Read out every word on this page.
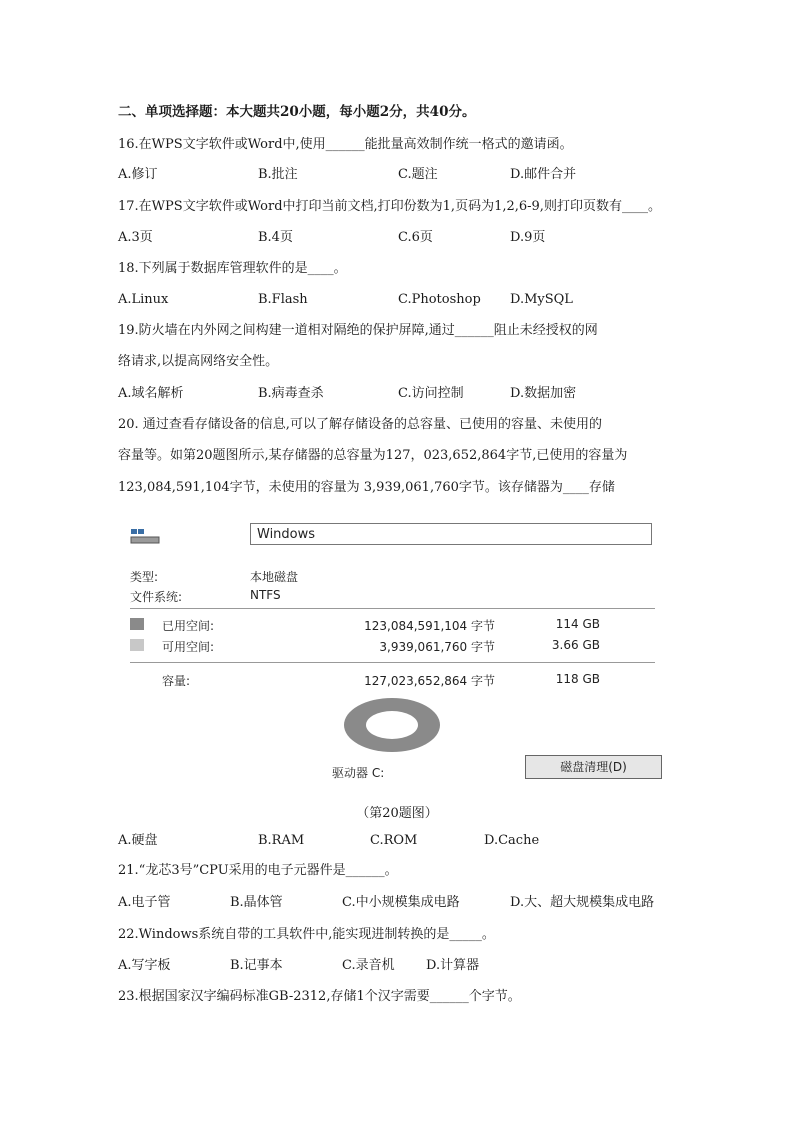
二、单项选择题：本大题共20小题，每小题2分，共40分。
16.在WPS文字软件或Word中,使用______能批量高效制作统一格式的邀请函。
A.修订	B.批注	C.题注	D.邮件合并
17.在WPS文字软件或Word中打印当前文档,打印份数为1,页码为1,2,6-9,则打印页数有____。
A.3页	B.4页	C.6页	D.9页
18.下列属于数据库管理软件的是____。
A.Linux	B.Flash	C.Photoshop D.MySQL
19.防火墙在内外网之间构建一道相对隔绝的保护屏障,通过______阻止未经授权的网
络请求,以提高网络安全性。
A.域名解析	B.病毒查杀	C.访问控制	D.数据加密
20. 通过查看存储设备的信息,可以了解存储设备的总容量、已使用的容量、未使用的
容量等。如第20题图所示,某存储器的总容量为127，023,652,864字节,已使用的容量为
123,084,591,104字节，未使用的容量为 3,939,061,760字节。该存储器为____存储
Windows
类型:	本地磁盘
文件系统:	NTFS
已用空间:	123,084,591,104 字节	114 GB
可用空间:	3,939,061,760 字节	3.66 GB
容量:	127,023,652,864 字节	118 GB
驱动器 C:	磁盘清理(D)
（第20题图）
A.硬盘	B.RAM	C.ROM	D.Cache
21.“龙芯3号”CPU采用的电子元器件是______。
A.电子管	B.晶体管	C.中小规模集成电路	D.大、超大规模集成电路
22.Windows系统自带的工具软件中,能实现进制转换的是_____。
A.写字板	B.记事本	C.录音机 D.计算器
23.根据国家汉字编码标准GB-2312,存储1个汉字需要______个字节。
